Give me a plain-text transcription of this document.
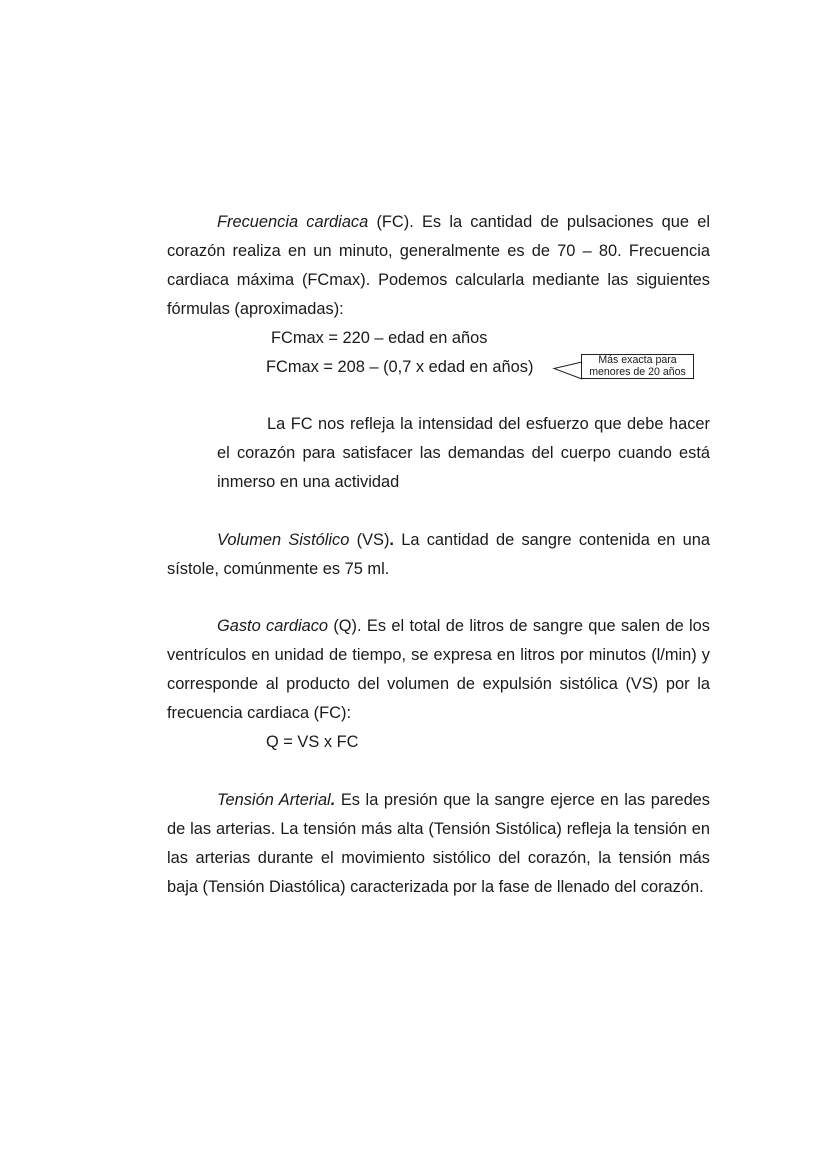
Frecuencia cardiaca (FC). Es la cantidad de pulsaciones que el corazón realiza en un minuto, generalmente es de 70 – 80. Frecuencia cardiaca máxima (FCmax). Podemos calcularla mediante las siguientes fórmulas (aproximadas):

FCmax = 220 – edad en años

FCmax = 208 – (0,7 x edad en años)	Más exacta para
menores de 20 años

La FC nos refleja la intensidad del esfuerzo que debe hacer el corazón para satisfacer las demandas del cuerpo cuando está inmerso en una actividad

Volumen Sistólico (VS). La cantidad de sangre contenida en una sístole, comúnmente es 75 ml.

Gasto cardiaco (Q). Es el total de litros de sangre que salen de los ventrículos en unidad de tiempo, se expresa en litros por minutos (l/min) y corresponde al producto del volumen de expulsión sistólica (VS) por la frecuencia cardiaca (FC):

Q = VS x FC

Tensión Arterial. Es la presión que la sangre ejerce en las paredes de las arterias. La tensión más alta (Tensión Sistólica) refleja la tensión en las arterias durante el movimiento sistólico del corazón, la tensión más baja (Tensión Diastólica) caracterizada por la fase de llenado del corazón.
